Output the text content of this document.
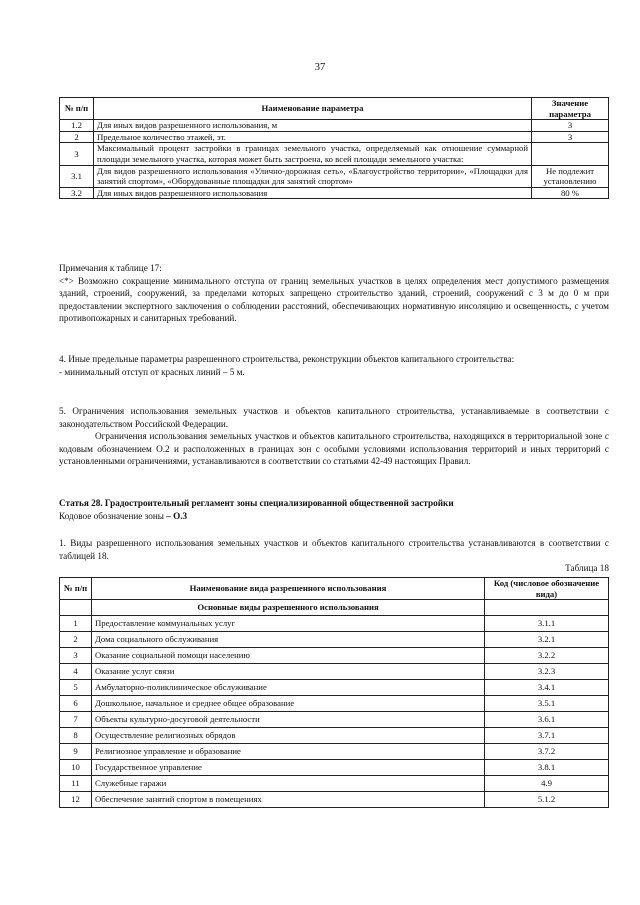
37
№ п/п	Наименование параметра	Значение параметра
1.2	Для иных видов разрешенного использования, м	3
2	Предельное количество этажей, эт.	3
3	Максимальный процент застройки в границах земельного участка, определяемый как отношение суммарной площади земельного участка, которая может быть застроена, ко всей площади земельного участка:	
3.1	Для видов разрешенного использования «Улично-дорожная сеть», «Благоустройство территории», «Площадки для занятий спортом», «Оборудованные площадки для занятий спортом»	Не подлежит установлению
3.2	Для иных видов разрешенного использования	80 %

Примечания к таблице 17:

<*> Возможно сокращение минимального отступа от границ земельных участков в целях определения мест допустимого размещения зданий, строений, сооружений, за пределами которых запрещено строительство зданий, строений, сооружений с 3 м до 0 м при предоставлении экспертного заключения о соблюдении расстояний, обеспечивающих нормативную инсоляцию и освещенность, с учетом противопожарных и санитарных требований.

4. Иные предельные параметры разрешенного строительства, реконструкции объектов капитального строительства:

- минимальный отступ от красных линий – 5 м.

5. Ограничения использования земельных участков и объектов капитального строительства, устанавливаемые в соответствии с законодательством Российской Федерации.

Ограничения использования земельных участков и объектов капитального строительства, находящихся в территориальной зоне с кодовым обозначением О.2 и расположенных в границах зон с особыми условиями использования территорий и иных территорий с установленными ограничениями, устанавливаются в соответствии со статьями 42-49 настоящих Правил.

Статья 28. Градостроительный регламент зоны специализированной общественной застройки

Кодовое обозначение зоны – О.3

1. Виды разрешенного использования земельных участков и объектов капитального строительства устанавливаются в соответствии с таблицей 18.

Таблица 18

№ п/п	Наименование вида разрешенного использования	Код (числовое обозначение вида)
	Основные виды разрешенного использования	
1	Предоставление коммунальных услуг	3.1.1
2	Дома социального обслуживания	3.2.1
3	Оказание социальной помощи населению	3.2.2
4	Оказание услуг связи	3.2.3
5	Амбулаторно-поликлиническое обслуживание	3.4.1
6	Дошкольное, начальное и среднее общее образование	3.5.1
7	Объекты культурно-досуговой деятельности	3.6.1
8	Осуществление религиозных обрядов	3.7.1
9	Религиозное управление и образование	3.7.2
10	Государственное управление	3.8.1
11	Служебные гаражи	4.9
12	Обеспечение занятий спортом в помещениях	5.1.2
